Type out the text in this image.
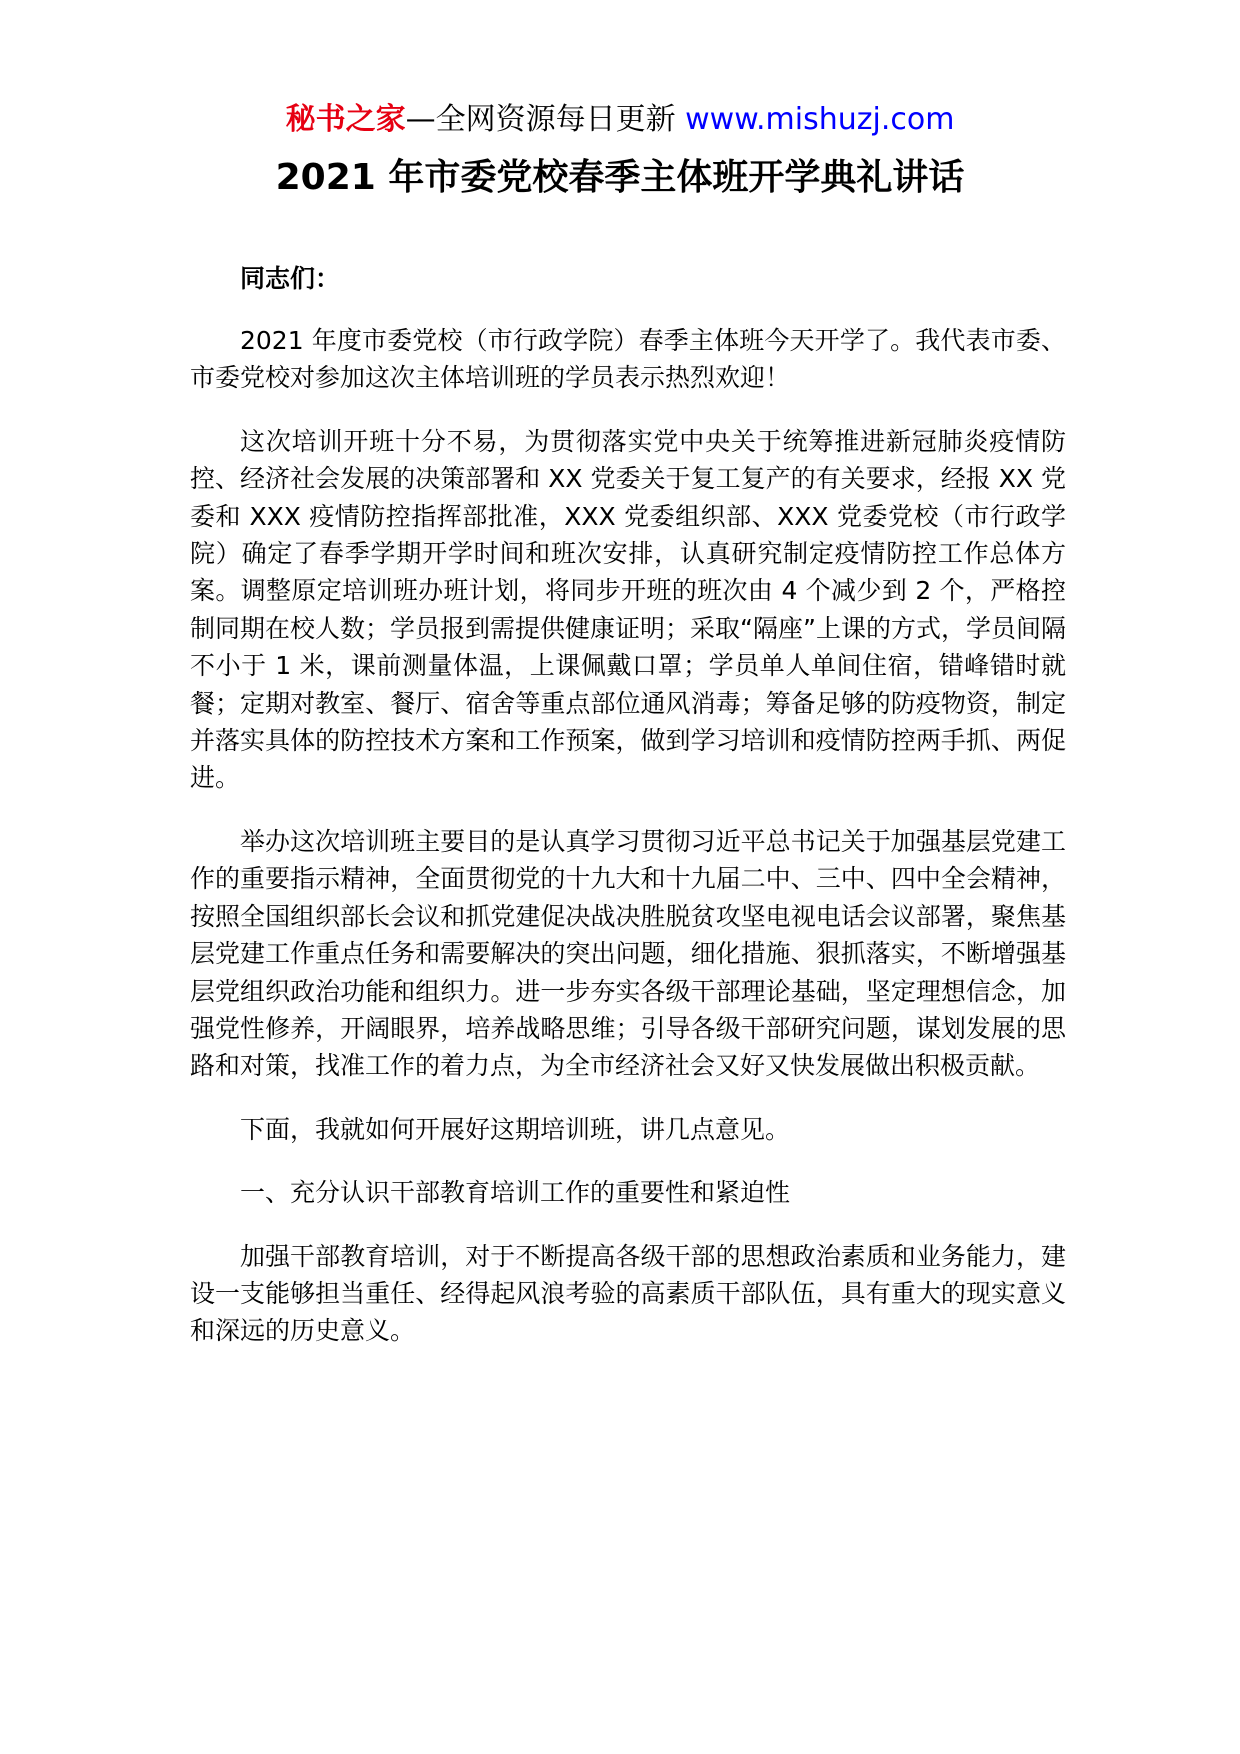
秘书之家—全网资源每日更新 www.mishuzj.com
2021 年市委党校春季主体班开学典礼讲话

同志们：

2021 年度市委党校（市行政学院）春季主体班今天开学了。我代表市委、市委党校对参加这次主体培训班的学员表示热烈欢迎！

这次培训开班十分不易，为贯彻落实党中央关于统筹推进新冠肺炎疫情防控、经济社会发展的决策部署和 XX 党委关于复工复产的有关要求，经报 XX 党委和 XXX 疫情防控指挥部批准，XXX 党委组织部、XXX 党委党校（市行政学院）确定了春季学期开学时间和班次安排，认真研究制定疫情防控工作总体方案。调整原定培训班办班计划，将同步开班的班次由 4 个减少到 2 个，严格控制同期在校人数；学员报到需提供健康证明；采取“隔座”上课的方式，学员间隔不小于 1 米，课前测量体温，上课佩戴口罩；学员单人单间住宿，错峰错时就餐；定期对教室、餐厅、宿舍等重点部位通风消毒；筹备足够的防疫物资，制定并落实具体的防控技术方案和工作预案，做到学习培训和疫情防控两手抓、两促进。

举办这次培训班主要目的是认真学习贯彻习近平总书记关于加强基层党建工作的重要指示精神，全面贯彻党的十九大和十九届二中、三中、四中全会精神，按照全国组织部长会议和抓党建促决战决胜脱贫攻坚电视电话会议部署，聚焦基层党建工作重点任务和需要解决的突出问题，细化措施、狠抓落实，不断增强基层党组织政治功能和组织力。进一步夯实各级干部理论基础，坚定理想信念，加强党性修养，开阔眼界，培养战略思维；引导各级干部研究问题，谋划发展的思路和对策，找准工作的着力点，为全市经济社会又好又快发展做出积极贡献。

下面，我就如何开展好这期培训班，讲几点意见。

一、充分认识干部教育培训工作的重要性和紧迫性

加强干部教育培训，对于不断提高各级干部的思想政治素质和业务能力，建设一支能够担当重任、经得起风浪考验的高素质干部队伍，具有重大的现实意义和深远的历史意义。
